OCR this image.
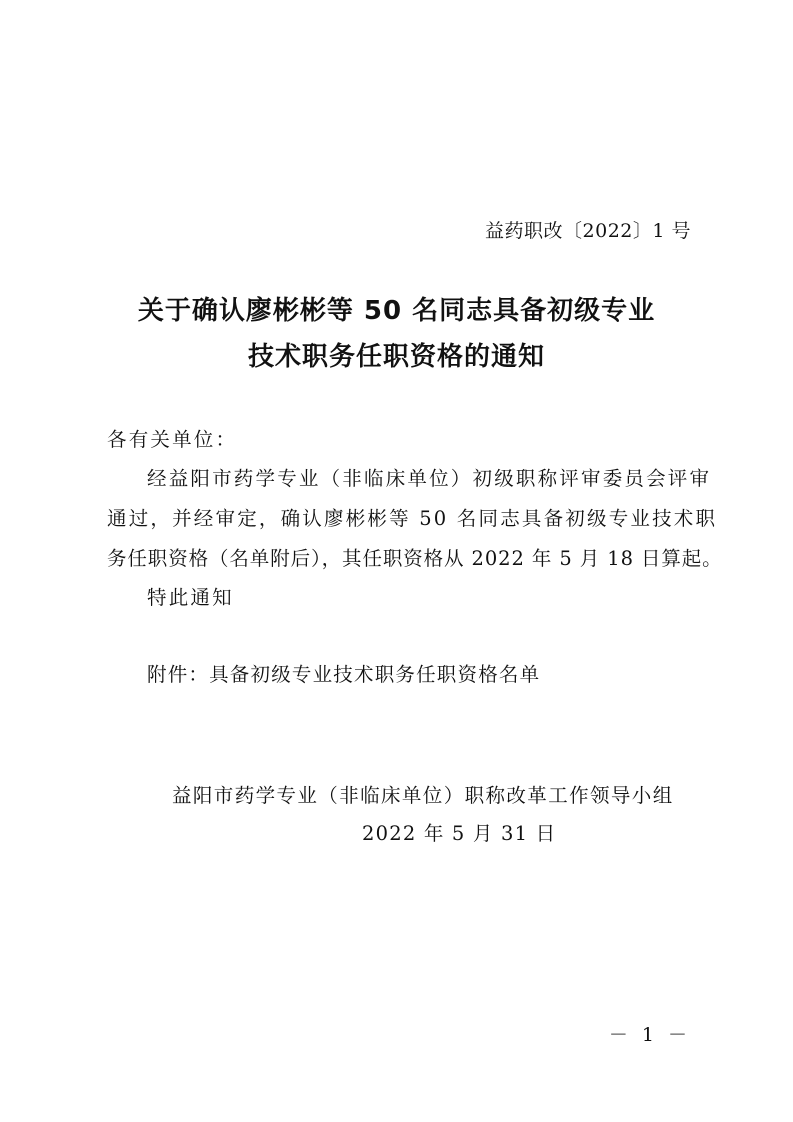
益药职改〔2022〕1 号
关于确认廖彬彬等 50 名同志具备初级专业
技术职务任职资格的通知
各有关单位：
经益阳市药学专业（非临床单位）初级职称评审委员会评审
通过，并经审定，确认廖彬彬等 50 名同志具备初级专业技术职
务任职资格（名单附后），其任职资格从 2022 年 5 月 18 日算起。
特此通知
附件：具备初级专业技术职务任职资格名单
益阳市药学专业（非临床单位）职称改革工作领导小组
2022 年 5 月 31 日
－ 1 －
